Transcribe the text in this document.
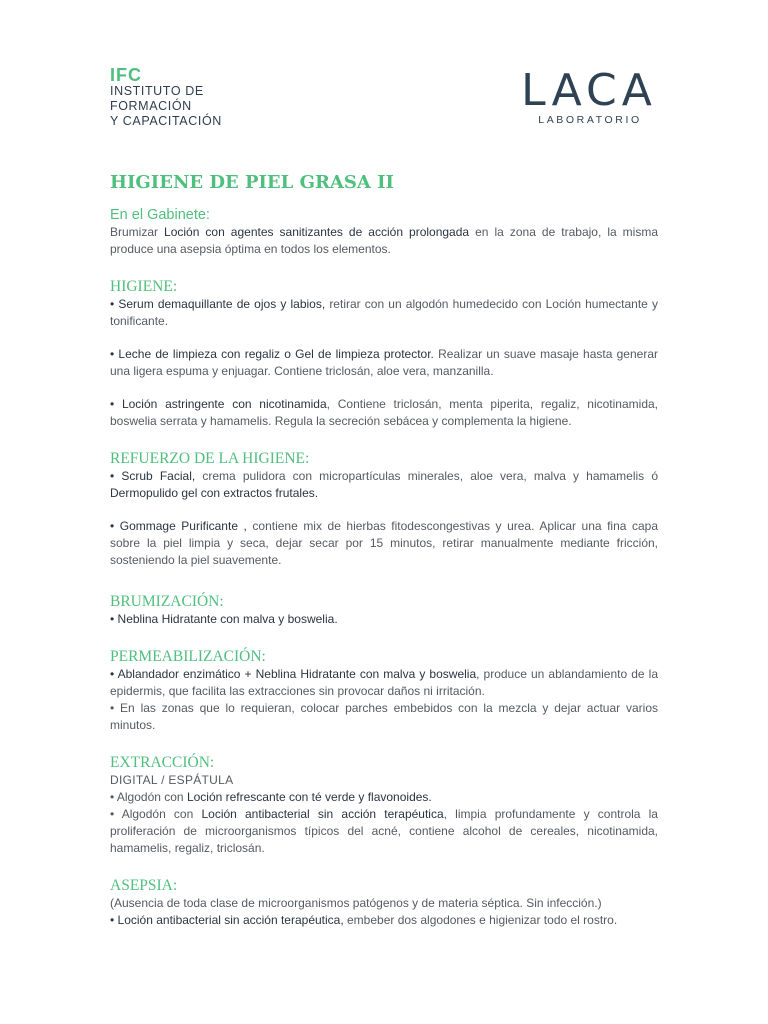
IFC
INSTITUTO DE
FORMACIÓN
Y CAPACITACIÓN
LACA
LABORATORIO
HIGIENE DE PIEL GRASA II
En el Gabinete:

Brumizar Loción con agentes sanitizantes de acción prolongada en la zona de trabajo, la misma produce una asepsia óptima en todos los elementos.

HIGIENE:

• Serum demaquillante de ojos y labios, retirar con un algodón humedecido con Loción humectante y tonificante.

• Leche de limpieza con regaliz o Gel de limpieza protector. Realizar un suave masaje hasta generar una ligera espuma y enjuagar. Contiene triclosán, aloe vera, manzanilla.

• Loción astringente con nicotinamida, Contiene triclosán, menta piperita, regaliz, nicotinamida, boswelia serrata y hamamelis. Regula la secreción sebácea y complementa la higiene.

REFUERZO DE LA HIGIENE:

• Scrub Facial, crema pulidora con micropartículas minerales, aloe vera, malva y hamamelis ó Dermopulido gel con extractos frutales.

• Gommage Purificante , contiene mix de hierbas fitodescongestivas y urea. Aplicar una fina capa sobre la piel limpia y seca, dejar secar por 15 minutos, retirar manualmente mediante fricción, sosteniendo la piel suavemente.

BRUMIZACIÓN:

• Neblina Hidratante con malva y boswelia.

PERMEABILIZACIÓN:

• Ablandador enzimático + Neblina Hidratante con malva y boswelia, produce un ablandamiento de la epidermis, que facilita las extracciones sin provocar daños ni irritación.

• En las zonas que lo requieran, colocar parches embebidos con la mezcla y dejar actuar varios minutos.

EXTRACCIÓN:

DIGITAL / ESPÁTULA

• Algodón con Loción refrescante con té verde y flavonoides.

• Algodón con Loción antibacterial sin acción terapéutica, limpia profundamente y controla la proliferación de microorganismos típicos del acné, contiene alcohol de cereales, nicotinamida, hamamelis, regaliz, triclosán.

ASEPSIA:

(Ausencia de toda clase de microorganismos patógenos y de materia séptica. Sin infección.)

• Loción antibacterial sin acción terapéutica, embeber dos algodones e higienizar todo el rostro.
